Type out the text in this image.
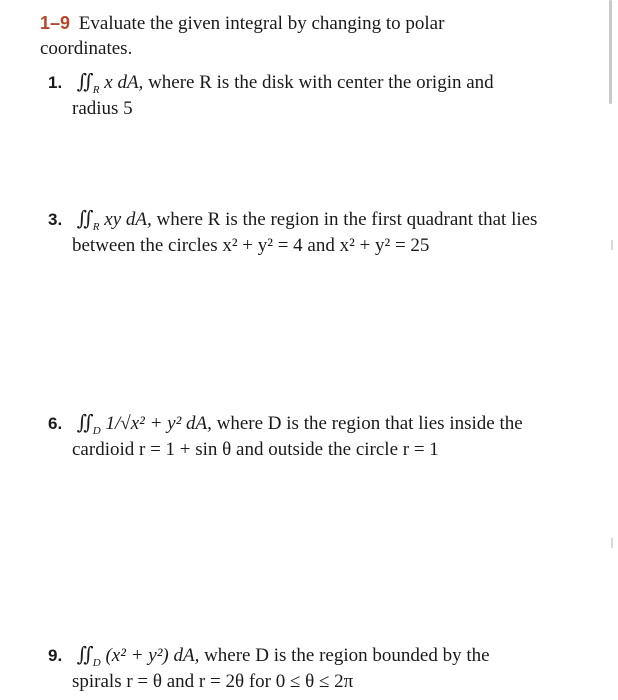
1–9 Evaluate the given integral by changing to polar
coordinates.
1. $∬_R$ x dA, where R is the disk with center the origin and
radius 5
3. $∬_R$ xy dA, where R is the region in the first quadrant that lies
between the circles x² + y² = 4 and x² + y² = 25
6. $∬_D$ 1/√x² + y² dA, where D is the region that lies inside the
cardioid r = 1 + sin θ and outside the circle r = 1
9. $∬_D$ (x² + y²) dA, where D is the region bounded by the
spirals r = θ and r = 2θ for 0 ≤ θ ≤ 2π
